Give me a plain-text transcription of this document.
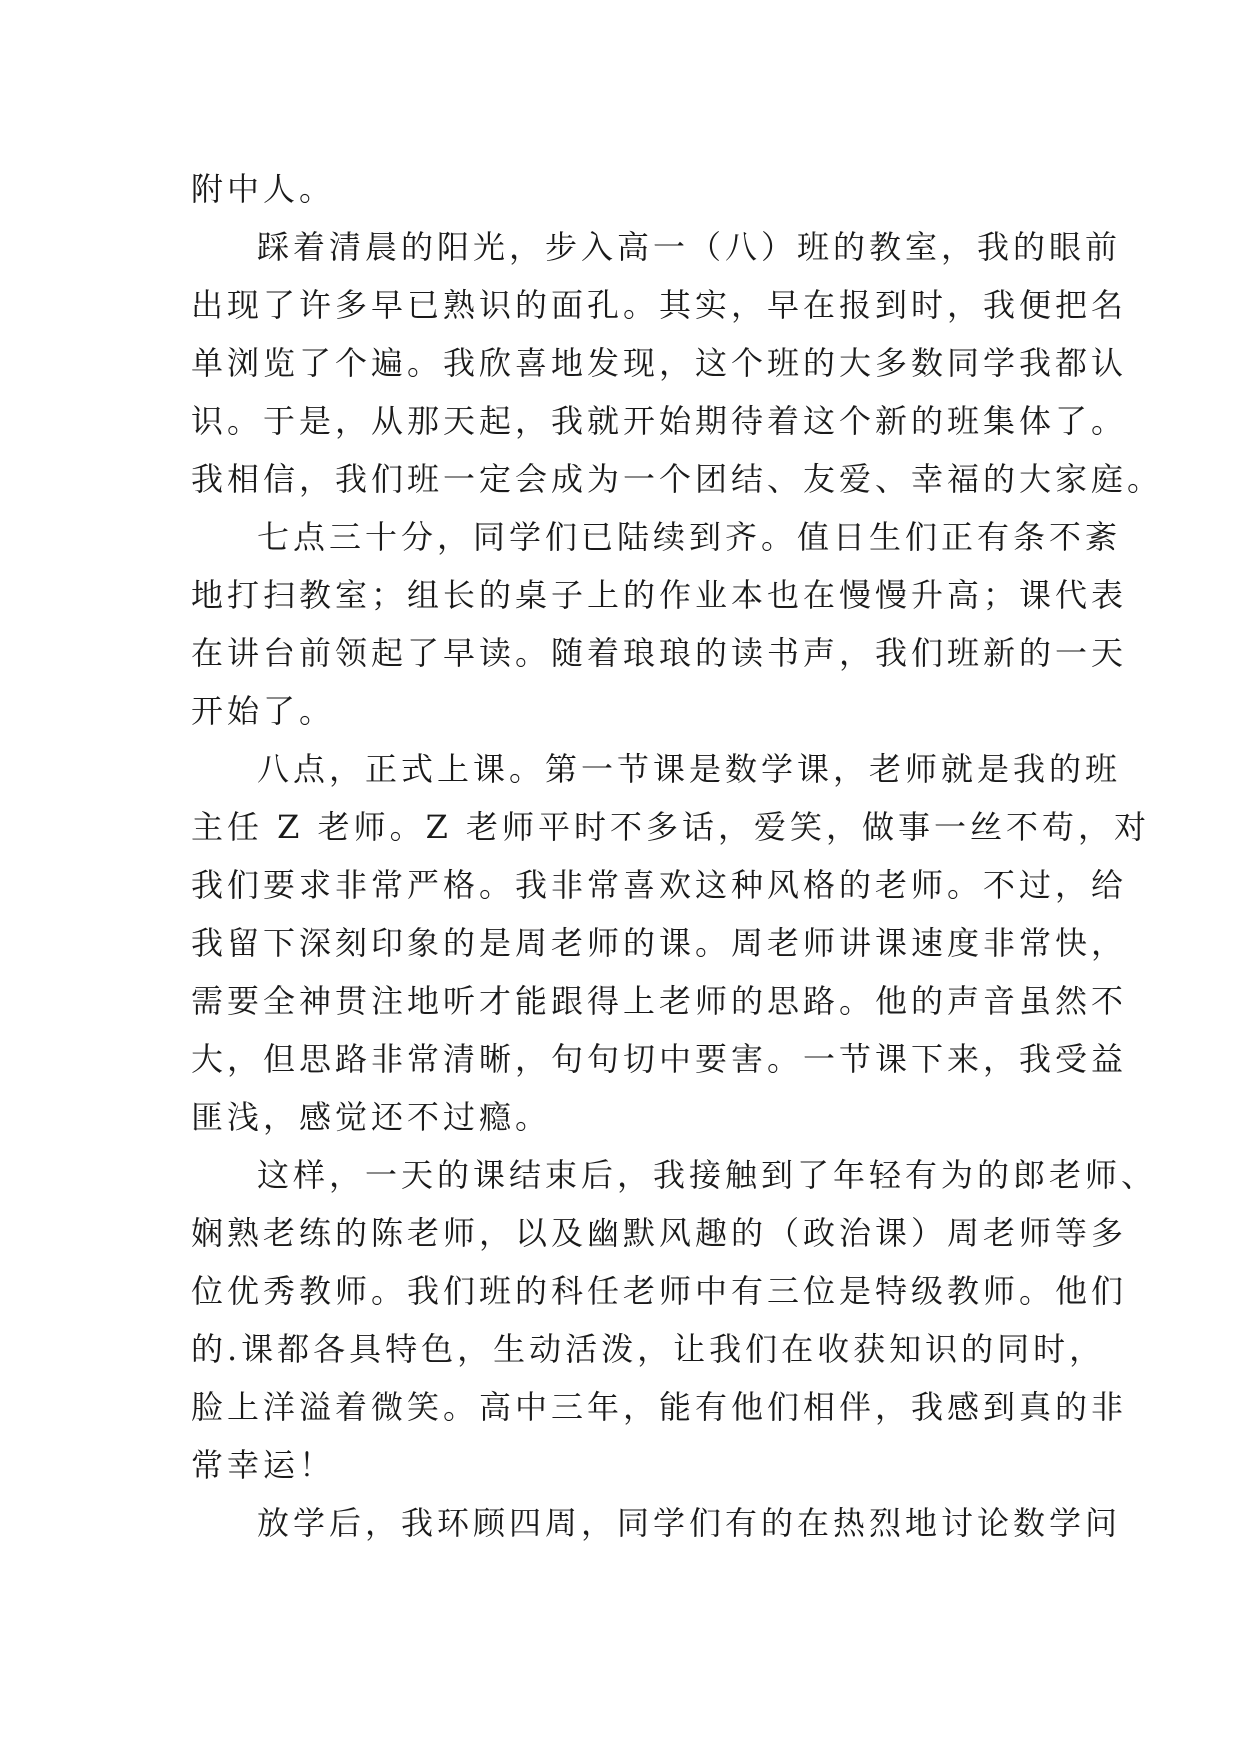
附中人。
踩着清晨的阳光，步入高一（八）班的教室，我的眼前
出现了许多早已熟识的面孔。其实，早在报到时，我便把名
单浏览了个遍。我欣喜地发现，这个班的大多数同学我都认
识。于是，从那天起，我就开始期待着这个新的班集体了。
我相信，我们班一定会成为一个团结、友爱、幸福的大家庭。
七点三十分，同学们已陆续到齐。值日生们正有条不紊
地打扫教室；组长的桌子上的作业本也在慢慢升高；课代表
在讲台前领起了早读。随着琅琅的读书声，我们班新的一天
开始了。
八点，正式上课。第一节课是数学课，老师就是我的班
主任 Z 老师。Z 老师平时不多话，爱笑，做事一丝不苟，对
我们要求非常严格。我非常喜欢这种风格的老师。不过，给
我留下深刻印象的是周老师的课。周老师讲课速度非常快，
需要全神贯注地听才能跟得上老师的思路。他的声音虽然不
大，但思路非常清晰，句句切中要害。一节课下来，我受益
匪浅，感觉还不过瘾。
这样，一天的课结束后，我接触到了年轻有为的郎老师、
娴熟老练的陈老师，以及幽默风趣的（政治课）周老师等多
位优秀教师。我们班的科任老师中有三位是特级教师。他们
的.课都各具特色，生动活泼，让我们在收获知识的同时，
脸上洋溢着微笑。高中三年，能有他们相伴，我感到真的非
常幸运！
放学后，我环顾四周，同学们有的在热烈地讨论数学问
